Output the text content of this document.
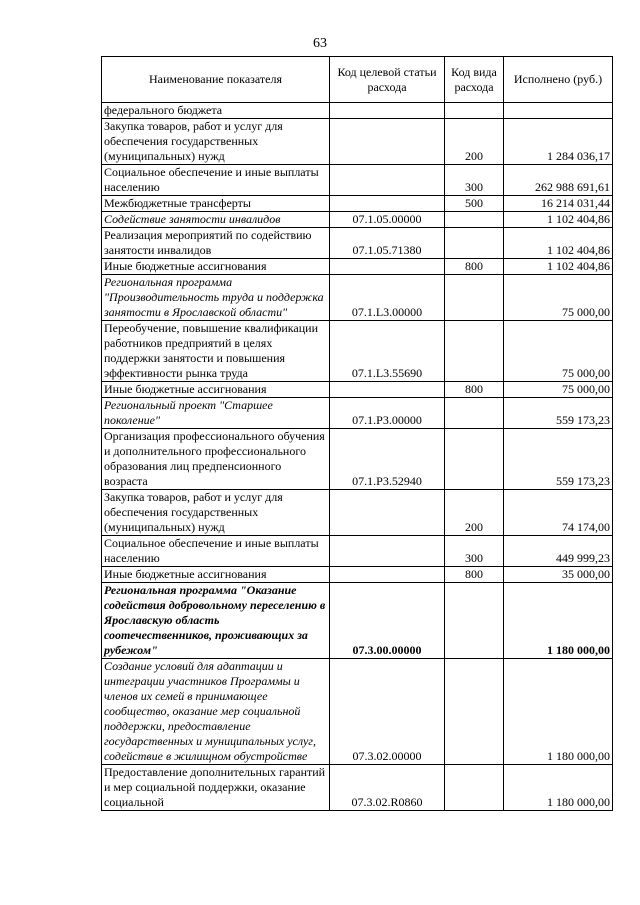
63
Наименование показателя	Код целевой статьи расхода	Код вида расхода	Исполнено (руб.)
федерального бюджета			
Закупка товаров, работ и услуг для обеспечения государственных (муниципальных) нужд		200	1 284 036,17
Социальное обеспечение и иные выплаты населению		300	262 988 691,61
Межбюджетные трансферты		500	16 214 031,44
Содействие занятости инвалидов	07.1.05.00000		1 102 404,86
Реализация мероприятий по содействию занятости инвалидов	07.1.05.71380		1 102 404,86
Иные бюджетные ассигнования		800	1 102 404,86
Региональная программа "Производительность труда и поддержка занятости в Ярославской области"	07.1.L3.00000		75 000,00
Переобучение, повышение квалификации работников предприятий в целях поддержки занятости и повышения эффективности рынка труда	07.1.L3.55690		75 000,00
Иные бюджетные ассигнования		800	75 000,00
Региональный проект "Старшее поколение"	07.1.P3.00000		559 173,23
Организация профессионального обучения и дополнительного профессионального образования лиц предпенсионного возраста	07.1.P3.52940		559 173,23
Закупка товаров, работ и услуг для обеспечения государственных (муниципальных) нужд		200	74 174,00
Социальное обеспечение и иные выплаты населению		300	449 999,23
Иные бюджетные ассигнования		800	35 000,00
Региональная программа "Оказание содействия добровольному переселению в Ярославскую область соотечественников, проживающих за рубежом"	07.3.00.00000		1 180 000,00
Создание условий для адаптации и интеграции участников Программы и членов их семей в принимающее сообщество, оказание мер социальной поддержки, предоставление государственных и муниципальных услуг, содействие в жилищном обустройстве	07.3.02.00000		1 180 000,00
Предоставление дополнительных гарантий и мер социальной поддержки, оказание социальной	07.3.02.R0860		1 180 000,00
